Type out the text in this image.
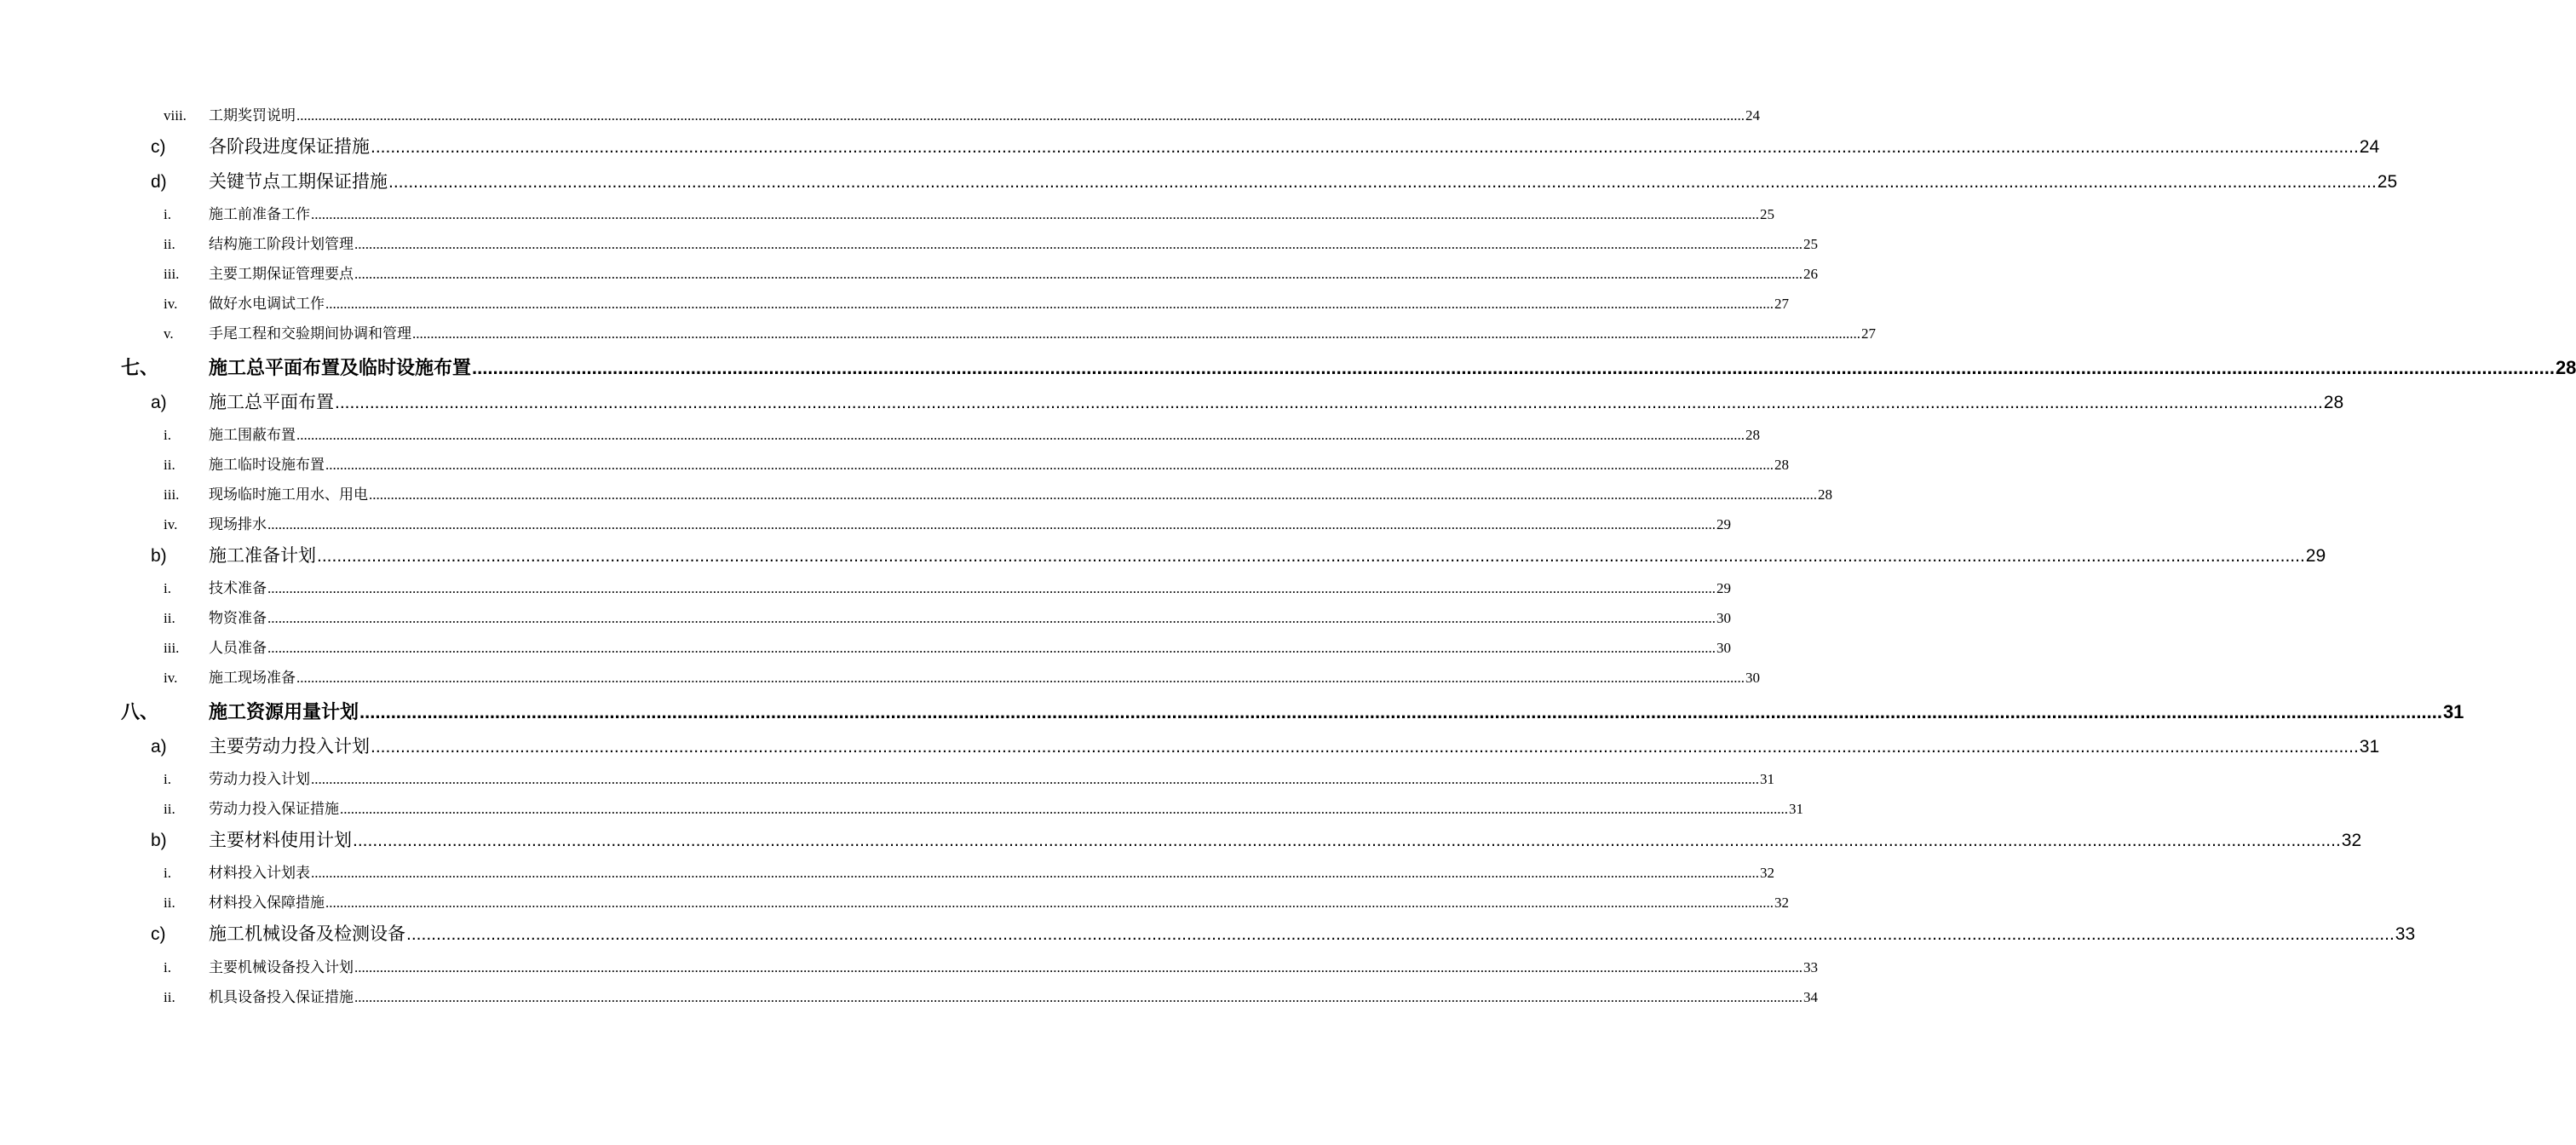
viii. 工期奖罚说明 ................................................................................................................................................................................................................................................................................................................................................................................................................ 24
c) 各阶段进度保证措施 ................................................................................................................................................................................................................................................................................................................................................................................................................ 24
d) 关键节点工期保证措施 ................................................................................................................................................................................................................................................................................................................................................................................................................ 25
i.	施工前准备工作 ................................................................................................................................................................................................................................................................................................................................................................................................................ 25
ii. 结构施工阶段计划管理 ................................................................................................................................................................................................................................................................................................................................................................................................................ 25
iii. 主要工期保证管理要点 ................................................................................................................................................................................................................................................................................................................................................................................................................ 26
iv. 做好水电调试工作 ................................................................................................................................................................................................................................................................................................................................................................................................................ 27
v. 手尾工程和交验期间协调和管理 ................................................................................................................................................................................................................................................................................................................................................................................................................ 27
七、	施工总平面布置及临时设施布置 ................................................................................................................................................................................................................................................................................................................................................................................................................ 28
a) 施工总平面布置 ................................................................................................................................................................................................................................................................................................................................................................................................................ 28
i.	施工围蔽布置 ................................................................................................................................................................................................................................................................................................................................................................................................................ 28
ii. 施工临时设施布置 ................................................................................................................................................................................................................................................................................................................................................................................................................ 28
iii. 现场临时施工用水、用电 ................................................................................................................................................................................................................................................................................................................................................................................................................ 28
iv. 现场排水 ................................................................................................................................................................................................................................................................................................................................................................................................................ 29
b) 施工准备计划 ................................................................................................................................................................................................................................................................................................................................................................................................................ 29
i.	技术准备 ................................................................................................................................................................................................................................................................................................................................................................................................................ 29
ii. 物资准备 ................................................................................................................................................................................................................................................................................................................................................................................................................ 30
iii. 人员准备 ................................................................................................................................................................................................................................................................................................................................................................................................................ 30
iv. 施工现场准备 ................................................................................................................................................................................................................................................................................................................................................................................................................ 30
八、	施工资源用量计划 ................................................................................................................................................................................................................................................................................................................................................................................................................ 31
a) 主要劳动力投入计划 ................................................................................................................................................................................................................................................................................................................................................................................................................ 31
i.	劳动力投入计划 ................................................................................................................................................................................................................................................................................................................................................................................................................ 31
ii. 劳动力投入保证措施 ................................................................................................................................................................................................................................................................................................................................................................................................................ 31
b) 主要材料使用计划 ................................................................................................................................................................................................................................................................................................................................................................................................................ 32
i.	材料投入计划表 ................................................................................................................................................................................................................................................................................................................................................................................................................ 32
ii. 材料投入保障措施 ................................................................................................................................................................................................................................................................................................................................................................................................................ 32
c) 施工机械设备及检测设备 ................................................................................................................................................................................................................................................................................................................................................................................................................ 33
i.	主要机械设备投入计划 ................................................................................................................................................................................................................................................................................................................................................................................................................ 33
ii. 机具设备投入保证措施 ................................................................................................................................................................................................................................................................................................................................................................................................................ 34
